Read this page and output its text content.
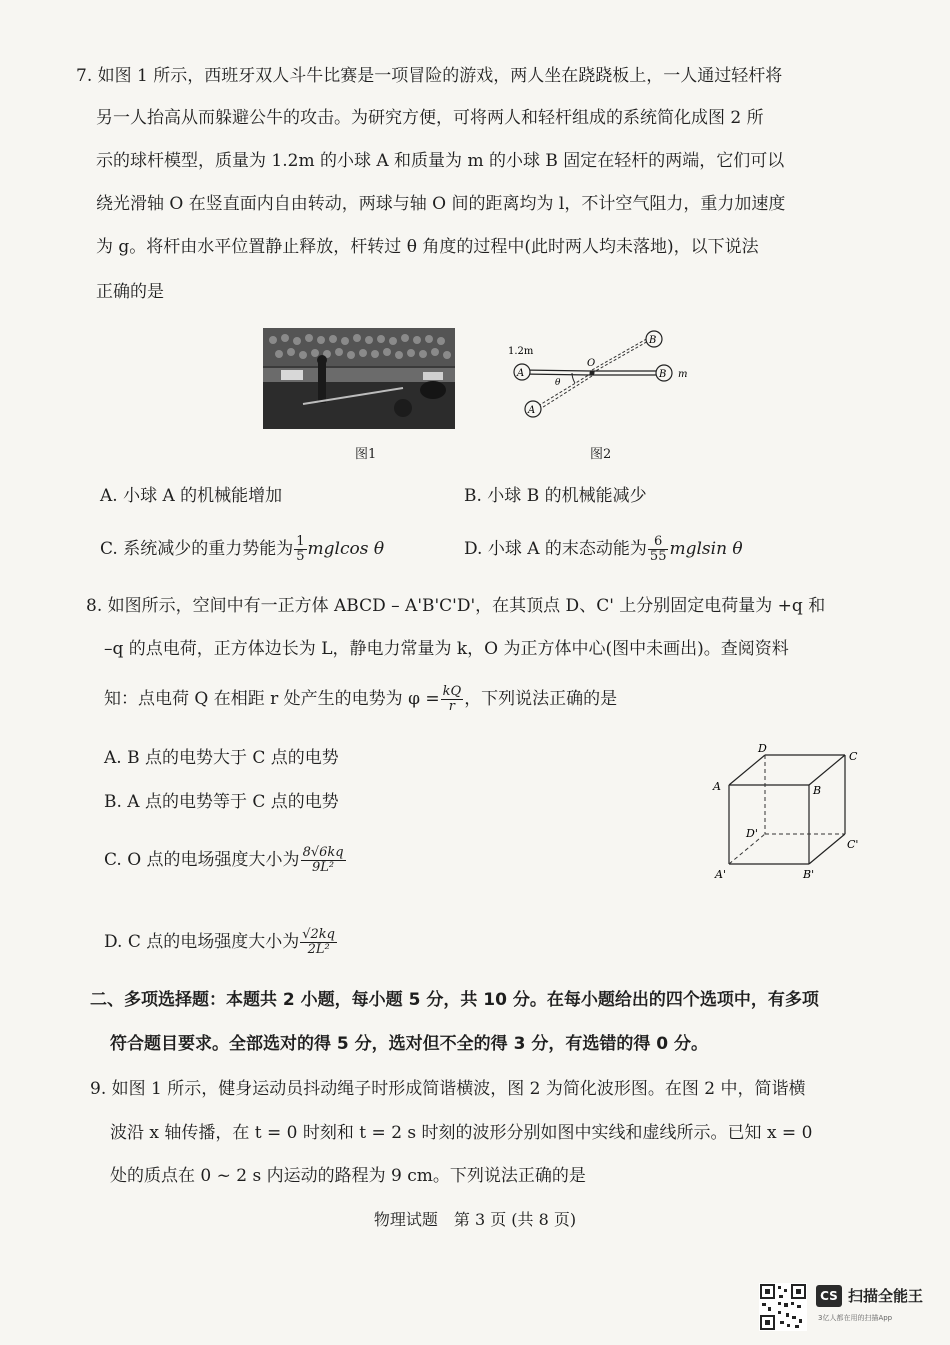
7. 如图 1 所示，西班牙双人斗牛比赛是一项冒险的游戏，两人坐在跷跷板上，一人通过轻杆将
另一人抬高从而躲避公牛的攻击。为研究方便，可将两人和轻杆组成的系统简化成图 2 所
示的球杆模型，质量为 1.2m 的小球 A 和质量为 m 的小球 B 固定在轻杆的两端，它们可以
绕光滑轴 O 在竖直面内自由转动，两球与轴 O 间的距离均为 l，不计空气阻力，重力加速度
为 g。将杆由水平位置静止释放，杆转过 θ 角度的过程中(此时两人均未落地)，以下说法
正确的是
图1
A	B
A
B
O
θ
1.2m
m
图2
A. 小球 A 的机械能增加	B. 小球 B 的机械能减少
C. 系统减少的重力势能为 $\frac{1}{5}$ mglcos θ	D. 小球 A 的末态动能为 $\frac{6}{55}$ mglsin θ
8. 如图所示，空间中有一正方体 ABCD – A'B'C'D'，在其顶点 D、C' 上分别固定电荷量为 +q 和
–q 的点电荷，正方体边长为 L，静电力常量为 k，O 为正方体中心(图中未画出)。查阅资料
知：点电荷 Q 在相距 r 处产生的电势为 $\varphi = \frac{kQ}{r}$ ，下列说法正确的是
A. B 点的电势大于 C 点的电势
B. A 点的电势等于 C 点的电势
C. O 点的电场强度大小为 $\frac{8√6kq}{\text{9L²}}$
D. C 点的电场强度大小为 $\frac{√2kq}{\text{2L²}}$
D
C
A	B
D'
C'
A'	B'
二、多项选择题：本题共 2 小题，每小题 5 分，共 10 分。在每小题给出的四个选项中，有多项
符合题目要求。全部选对的得 5 分，选对但不全的得 3 分，有选错的得 0 分。
9. 如图 1 所示，健身运动员抖动绳子时形成简谐横波，图 2 为简化波形图。在图 2 中，简谐横
波沿 x 轴传播，在 t = 0 时刻和 t = 2 s 时刻的波形分别如图中实线和虚线所示。已知 x = 0
处的质点在 0 ~ 2 s 内运动的路程为 9 cm。下列说法正确的是
物理试题　第 3 页 (共 8 页)
CS 扫描全能王
3亿人都在用的扫描App
